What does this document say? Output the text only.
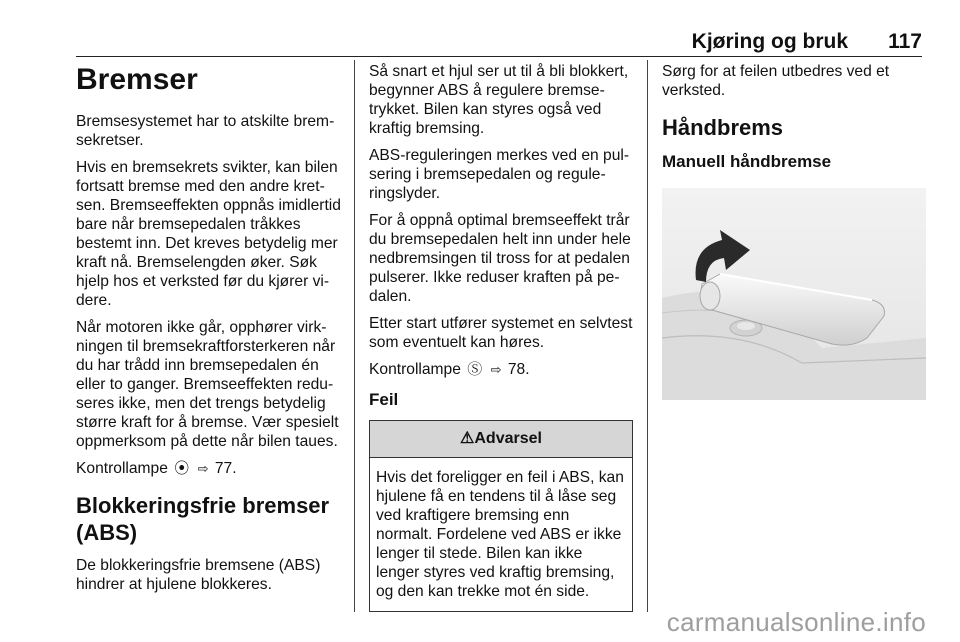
Kjøring og bruk 117
Bremser

Bremsesystemet har to atskilte bremsekretser.

Hvis en bremsekrets svikter, kan bilen fortsatt bremse med den andre kretsen. Bremseeffekten oppnås imidlertid bare når bremsepedalen tråkkes bestemt inn. Det kreves betydelig mer kraft nå. Bremselengden øker. Søk hjelp hos et verksted før du kjører videre.

Når motoren ikke går, opphører virkningen til bremsekraftforsterkeren når du har trådd inn bremsepedalen én eller to ganger. Bremseeffekten reduseres ikke, men det trengs betydelig større kraft for å bremse. Vær spesielt oppmerksom på dette når bilen taues.

Kontrollampe ⦿ ⇨ 77.

Blokkeringsfrie bremser (ABS)

De blokkeringsfrie bremsene (ABS) hindrer at hjulene blokkeres.

Så snart et hjul ser ut til å bli blokkert, begynner ABS å regulere bremsetrykket. Bilen kan styres også ved kraftig bremsing.

ABS-reguleringen merkes ved en pulsering i bremsepedalen og reguleringslyder.

For å oppnå optimal bremseeffekt trår du bremsepedalen helt inn under hele nedbremsingen til tross for at pedalen pulserer. Ikke reduser kraften på pedalen.

Etter start utfører systemet en selvtest som eventuelt kan høres.

Kontrollampe Ⓢ ⇨ 78.

Feil
⚠Advarsel
Hvis det foreligger en feil i ABS, kan hjulene få en tendens til å låse seg ved kraftigere bremsing enn normalt. Fordelene ved ABS er ikke lenger til stede. Bilen kan ikke lenger styres ved kraftig bremsing, og den kan trekke mot én side.

Sørg for at feilen utbedres ved et verksted.

Håndbrems
Manuell håndbremse
carmanualsonline.info
